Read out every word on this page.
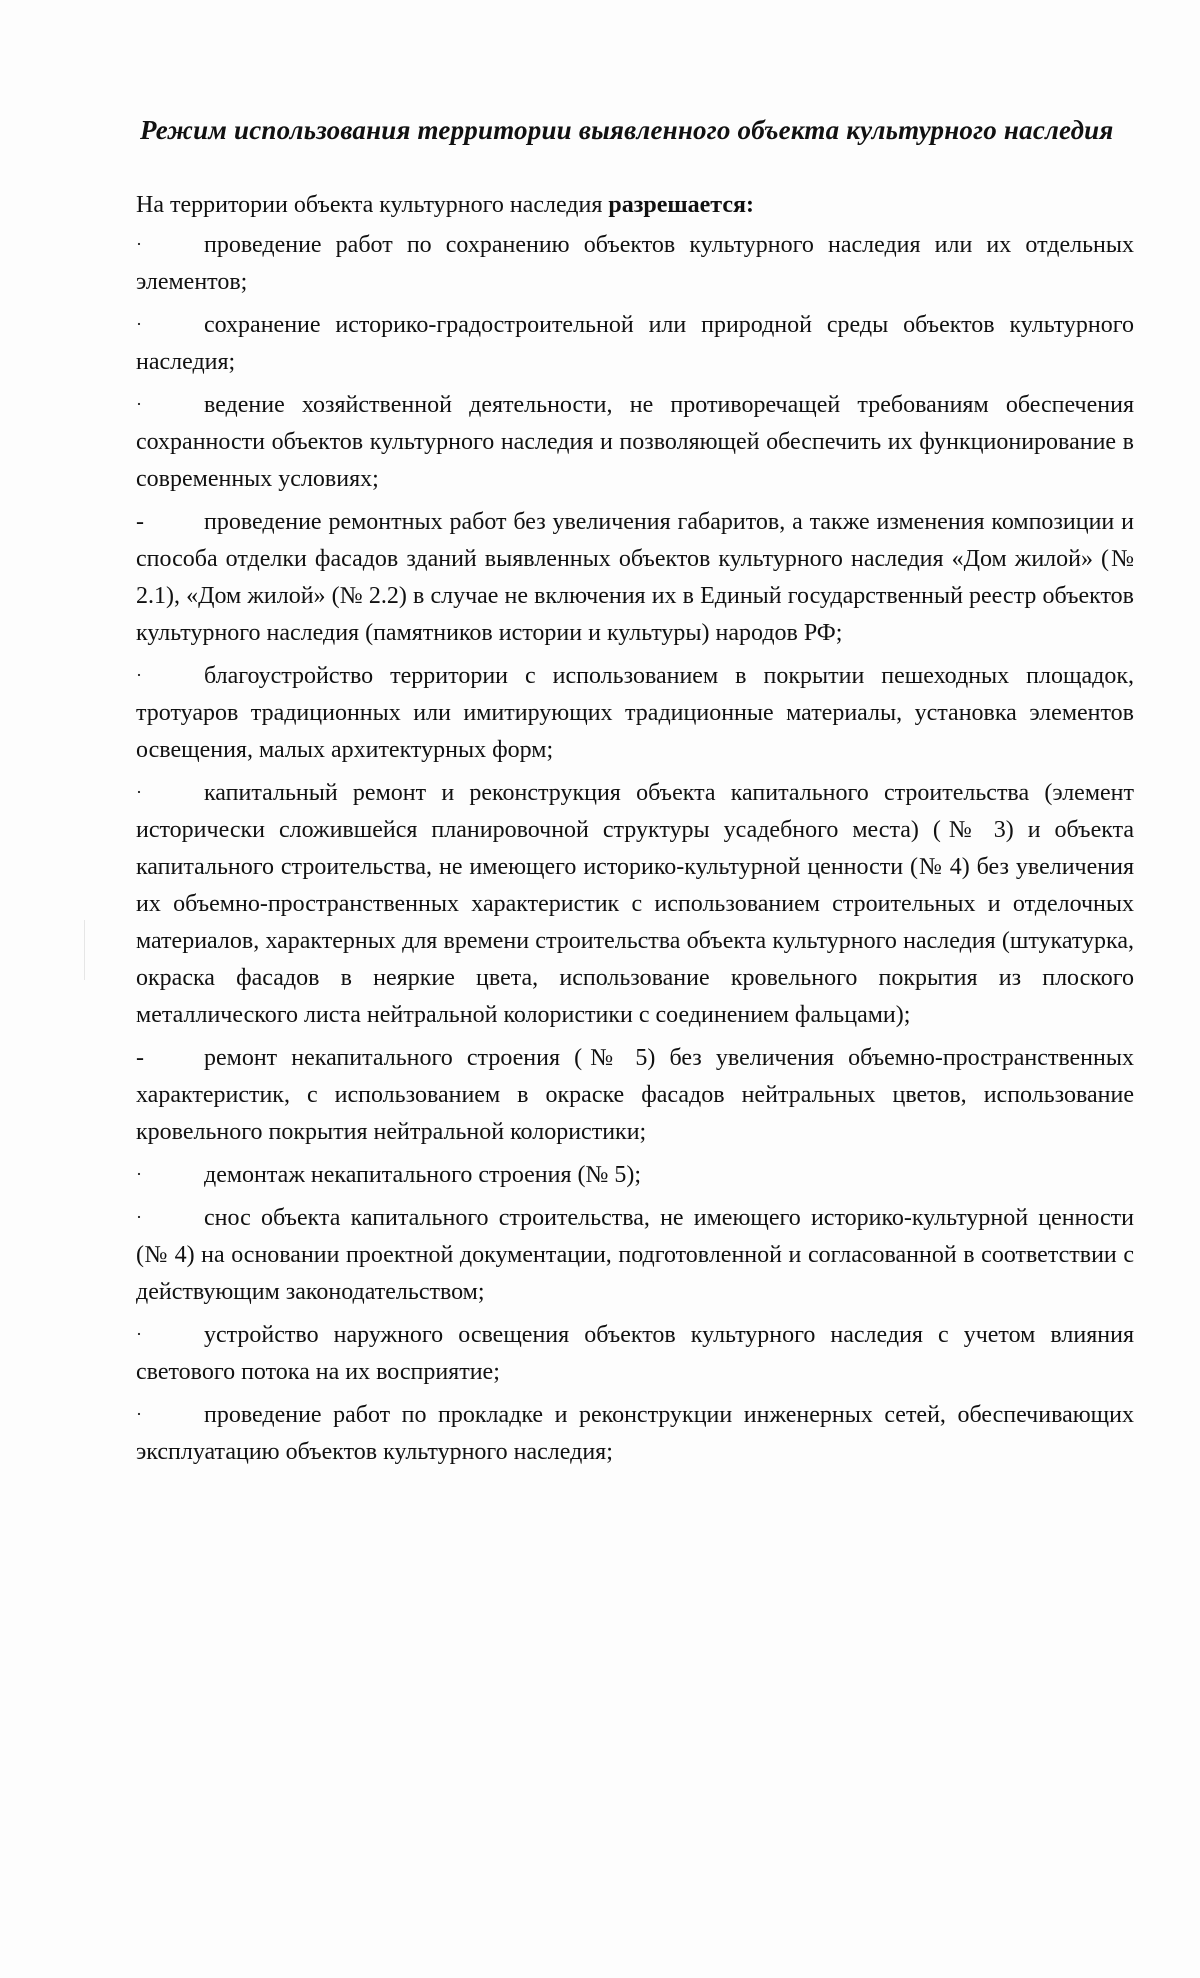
Режим использования территории выявленного объекта культурного наследия

На территории объекта культурного наследия разрешается:

·	проведение работ по сохранению объектов культурного наследия или их отдельных элементов;
·	сохранение историко-градостроительной или природной среды объектов культурного наследия;
·	ведение хозяйственной деятельности, не противоречащей требованиям обеспечения сохранности объектов культурного наследия и позволяющей обеспечить их функционирование в современных условиях;
-	проведение ремонтных работ без увеличения габаритов, а также изменения композиции и способа отделки фасадов зданий выявленных объектов культурного наследия «Дом жилой» (№ 2.1), «Дом жилой» (№ 2.2) в случае не включения их в Единый государственный реестр объектов культурного наследия (памятников истории и культуры) народов РФ;
·	благоустройство территории с использованием в покрытии пешеходных площадок, тротуаров традиционных или имитирующих традиционные материалы, установка элементов освещения, малых архитектурных форм;
·	капитальный ремонт и реконструкция объекта капитального строительства (элемент исторически сложившейся планировочной структуры усадебного места) (№ 3) и объекта капитального строительства, не имеющего историко-культурной ценности (№ 4) без увеличения их объемно-пространственных характеристик с использованием строительных и отделочных материалов, характерных для времени строительства объекта культурного наследия (штукатурка, окраска фасадов в неяркие цвета, использование кровельного покрытия из плоского металлического листа нейтральной колористики с соединением фальцами);
-	ремонт некапитального строения (№ 5) без увеличения объемно-пространственных характеристик, с использованием в окраске фасадов нейтральных цветов, использование кровельного покрытия нейтральной колористики;
·	демонтаж некапитального строения (№ 5);
·	снос объекта капитального строительства, не имеющего историко-культурной ценности (№ 4) на основании проектной документации, подготовленной и согласованной в соответствии с действующим законодательством;
·	устройство наружного освещения объектов культурного наследия с учетом влияния светового потока на их восприятие;
·	проведение работ по прокладке и реконструкции инженерных сетей, обеспечивающих эксплуатацию объектов культурного наследия;
